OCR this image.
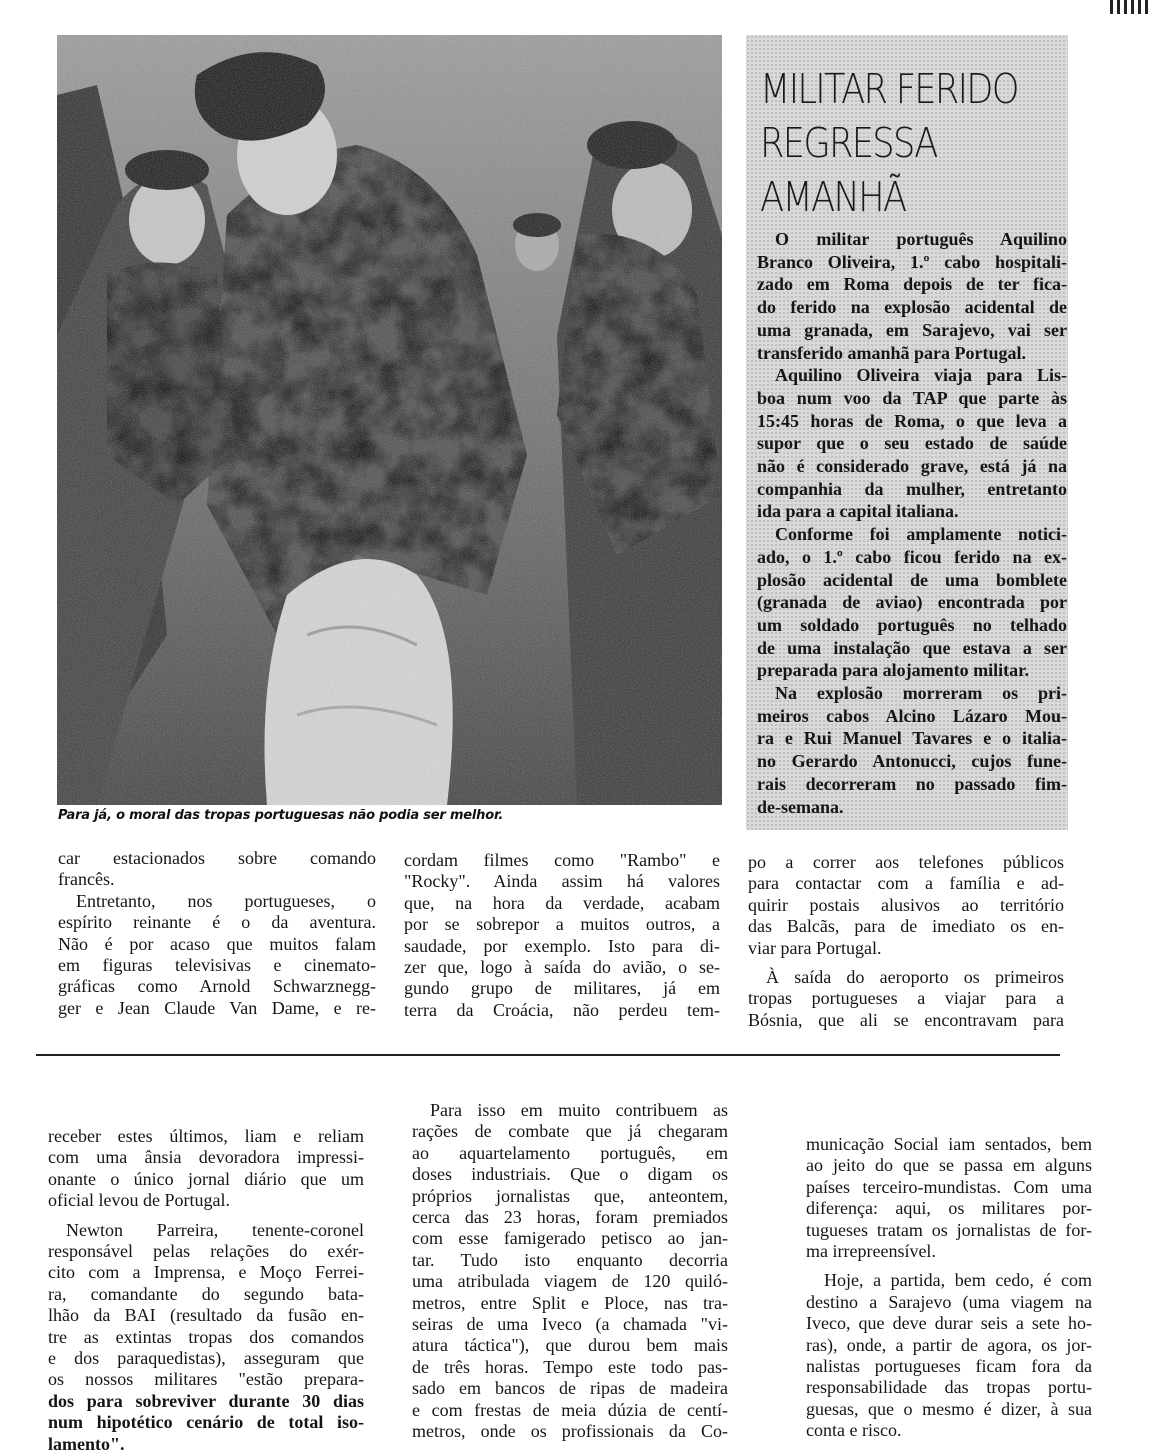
Para já, o moral das tropas portuguesas não podia ser melhor.
MILITAR FERIDO
REGRESSA
AMANHÃ
O militar português Aquilino
Branco Oliveira, 1.º cabo hospitali-
zado em Roma depois de ter fica-
do ferido na explosão acidental de
uma granada, em Sarajevo, vai ser
transferido amanhã para Portugal.
Aquilino Oliveira viaja para Lis-
boa num voo da TAP que parte às
15:45 horas de Roma, o que leva a
supor que o seu estado de saúde
não é considerado grave, está já na
companhia da mulher, entretanto
ida para a capital italiana.
Conforme foi amplamente notici-
ado, o 1.º cabo ficou ferido na ex-
plosão acidental de uma bomblete
(granada de aviao) encontrada por
um soldado português no telhado
de uma instalação que estava a ser
preparada para alojamento militar.
Na explosão morreram os pri-
meiros cabos Alcino Lázaro Mou-
ra e Rui Manuel Tavares e o italia-
no Gerardo Antonucci, cujos fune-
rais decorreram no passado fim-
de-semana.
car estacionados sobre comando
francês.
Entretanto, nos portugueses, o
espírito reinante é o da aventura.
Não é por acaso que muitos falam
em figuras televisivas e cinemato-
gráficas como Arnold Schwarznegg-
ger e Jean Claude Van Dame, e re-
cordam filmes como "Rambo" e
"Rocky". Ainda assim há valores
que, na hora da verdade, acabam
por se sobrepor a muitos outros, a
saudade, por exemplo. Isto para di-
zer que, logo à saída do avião, o se-
gundo grupo de militares, já em
terra da Croácia, não perdeu tem-
po a correr aos telefones públicos
para contactar com a família e ad-
quirir postais alusivos ao território
das Balcãs, para de imediato os en-
viar para Portugal.
À saída do aeroporto os primeiros
tropas portugueses a viajar para a
Bósnia, que ali se encontravam para
receber estes últimos, liam e reliam
com uma ânsia devoradora impressi-
onante o único jornal diário que um
oficial levou de Portugal.
Newton Parreira, tenente-coronel
responsável pelas relações do exér-
cito com a Imprensa, e Moço Ferrei-
ra, comandante do segundo bata-
lhão da BAI (resultado da fusão en-
tre as extintas tropas dos comandos
e dos paraquedistas), asseguram que
os nossos militares "estão prepara-
dos para sobreviver durante 30 dias
num hipotético cenário de total iso-
lamento".
Para isso em muito contribuem as
rações de combate que já chegaram
ao aquartelamento português, em
doses industriais. Que o digam os
próprios jornalistas que, anteontem,
cerca das 23 horas, foram premiados
com esse famigerado petisco ao jan-
tar. Tudo isto enquanto decorria
uma atribulada viagem de 120 quiló-
metros, entre Split e Ploce, nas tra-
seiras de uma Iveco (a chamada "vi-
atura táctica"), que durou bem mais
de três horas. Tempo este todo pas-
sado em bancos de ripas de madeira
e com frestas de meia dúzia de centí-
metros, onde os profissionais da Co-
municação Social iam sentados, bem
ao jeito do que se passa em alguns
países terceiro-mundistas. Com uma
diferença: aqui, os militares por-
tugueses tratam os jornalistas de for-
ma irrepreensível.
Hoje, a partida, bem cedo, é com
destino a Sarajevo (uma viagem na
Iveco, que deve durar seis a sete ho-
ras), onde, a partir de agora, os jor-
nalistas portugueses ficam fora da
responsabilidade das tropas portu-
guesas, que o mesmo é dizer, à sua
conta e risco.
